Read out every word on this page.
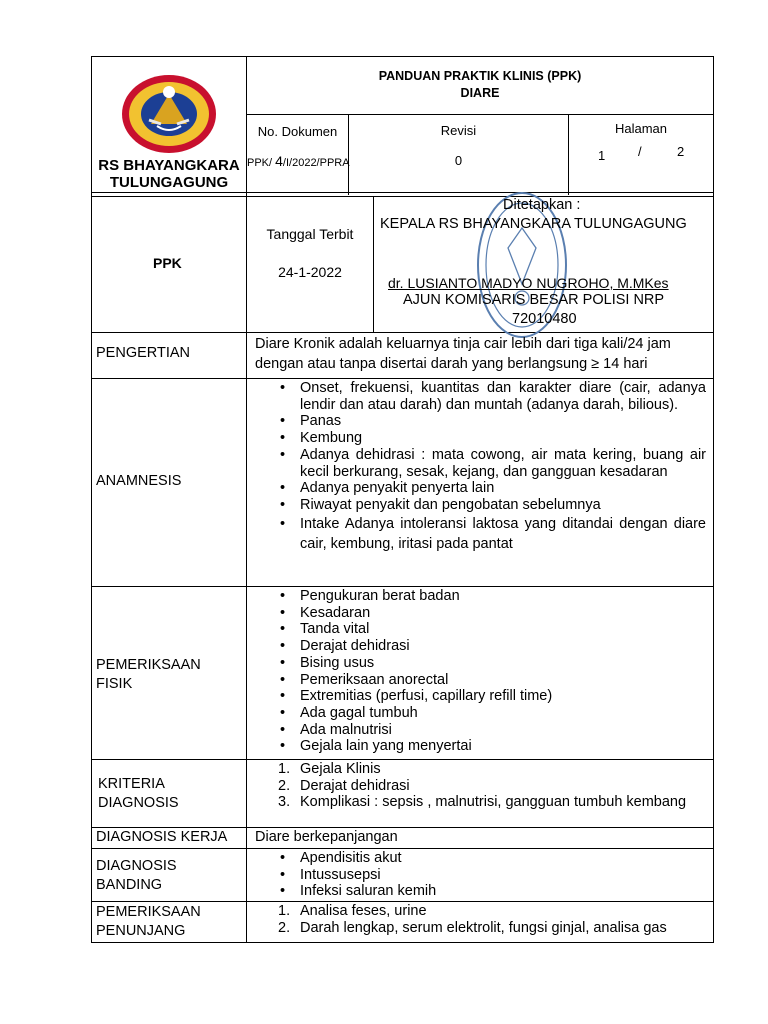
RS BHAYANGKARA
TULUNGAGUNG
PANDUAN PRAKTIK KLINIS (PPK)
DIARE
No. Dokumen
PPK/ 4/I/2022/PPRA
Revisi
0
Halaman
1	/	2
PPK
Tanggal Terbit
24-1-2022
Ditetapkan :
KEPALA RS BHAYANGKARA TULUNGAGUNG
dr. LUSIANTO MADYO NUGROHO, M.MKes
AJUN KOMISARIS BESAR POLISI NRP
72010480
PENGERTIAN
Diare Kronik adalah keluarnya tinja cair lebih dari tiga kali/24 jam
dengan atau tanpa disertai darah yang berlangsung ≥ 14 hari
ANAMNESIS
• Onset, frekuensi, kuantitas dan karakter diare (cair, adanya lendir dan atau darah) dan muntah (adanya darah, bilious).
• Panas
• Kembung
• Adanya dehidrasi : mata cowong, air mata kering, buang air kecil berkurang, sesak, kejang, dan gangguan kesadaran
• Adanya penyakit penyerta lain
• Riwayat penyakit dan pengobatan sebelumnya
• Intake Adanya intoleransi laktosa yang ditandai dengan diare cair, kembung, iritasi pada pantat
PEMERIKSAAN
FISIK
• Pengukuran berat badan
• Kesadaran
• Tanda vital
• Derajat dehidrasi
• Bising usus
• Pemeriksaan anorectal
• Extremitias (perfusi, capillary refill time)
• Ada gagal tumbuh
• Ada malnutrisi
• Gejala lain yang menyertai
KRITERIA
DIAGNOSIS
1. Gejala Klinis
2. Derajat dehidrasi
3. Komplikasi : sepsis , malnutrisi, gangguan tumbuh kembang
DIAGNOSIS KERJA Diare berkepanjangan
DIAGNOSIS
BANDING
• Apendisitis akut
• Intussusepsi
• Infeksi saluran kemih
PEMERIKSAAN
PENUNJANG
1. Analisa feses, urine
2. Darah lengkap, serum elektrolit, fungsi ginjal, analisa gas
